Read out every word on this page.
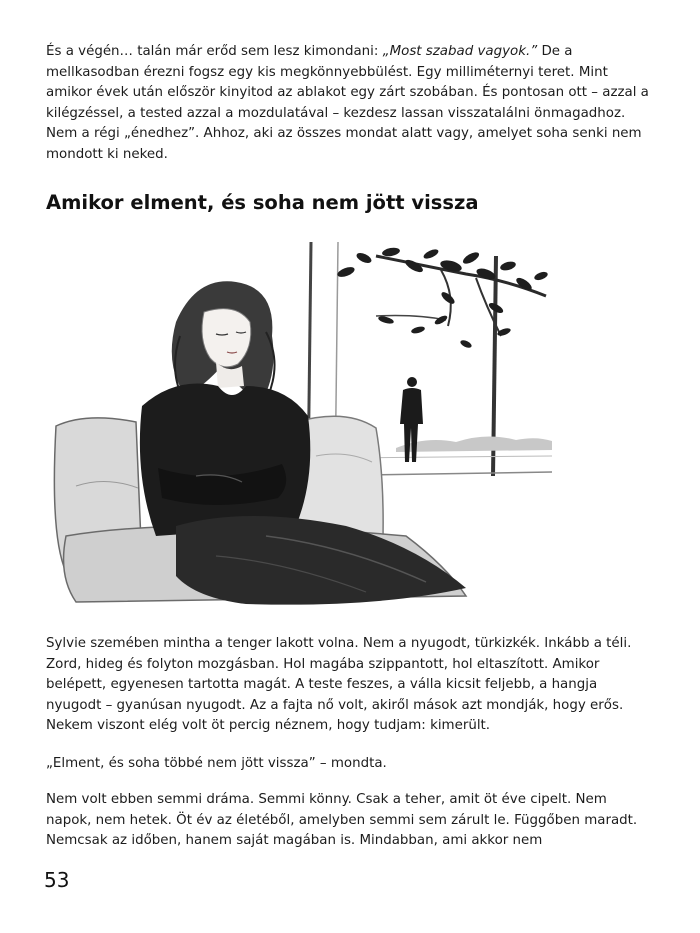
És a végén… talán már erőd sem lesz kimondani: „Most szabad vagyok.” De a mellkasodban érezni fogsz egy kis megkönnyebbülést. Egy milliméternyi teret. Mint amikor évek után először kinyitod az ablakot egy zárt szobában. És pontosan ott – azzal a kilégzéssel, a tested azzal a mozdulatával – kezdesz lassan visszatalálni önmagadhoz. Nem a régi „énedhez”. Ahhoz, aki az összes mondat alatt vagy, amelyet soha senki nem mondott ki neked.

Amikor elment, és soha nem jött vissza

Sylvie szemében mintha a tenger lakott volna. Nem a nyugodt, türkizkék. Inkább a téli. Zord, hideg és folyton mozgásban. Hol magába szippantott, hol eltaszított. Amikor belépett, egyenesen tartotta magát. A teste feszes, a válla kicsit feljebb, a hangja nyugodt – gyanúsan nyugodt. Az a fajta nő volt, akiről mások azt mondják, hogy erős. Nekem viszont elég volt öt percig néznem, hogy tudjam: kimerült.

„Elment, és soha többé nem jött vissza” – mondta.

Nem volt ebben semmi dráma. Semmi könny. Csak a teher, amit öt éve cipelt. Nem napok, nem hetek. Öt év az életéből, amelyben semmi sem zárult le. Függőben maradt. Nemcsak az időben, hanem saját magában is. Mindabban, ami akkor nem

53
